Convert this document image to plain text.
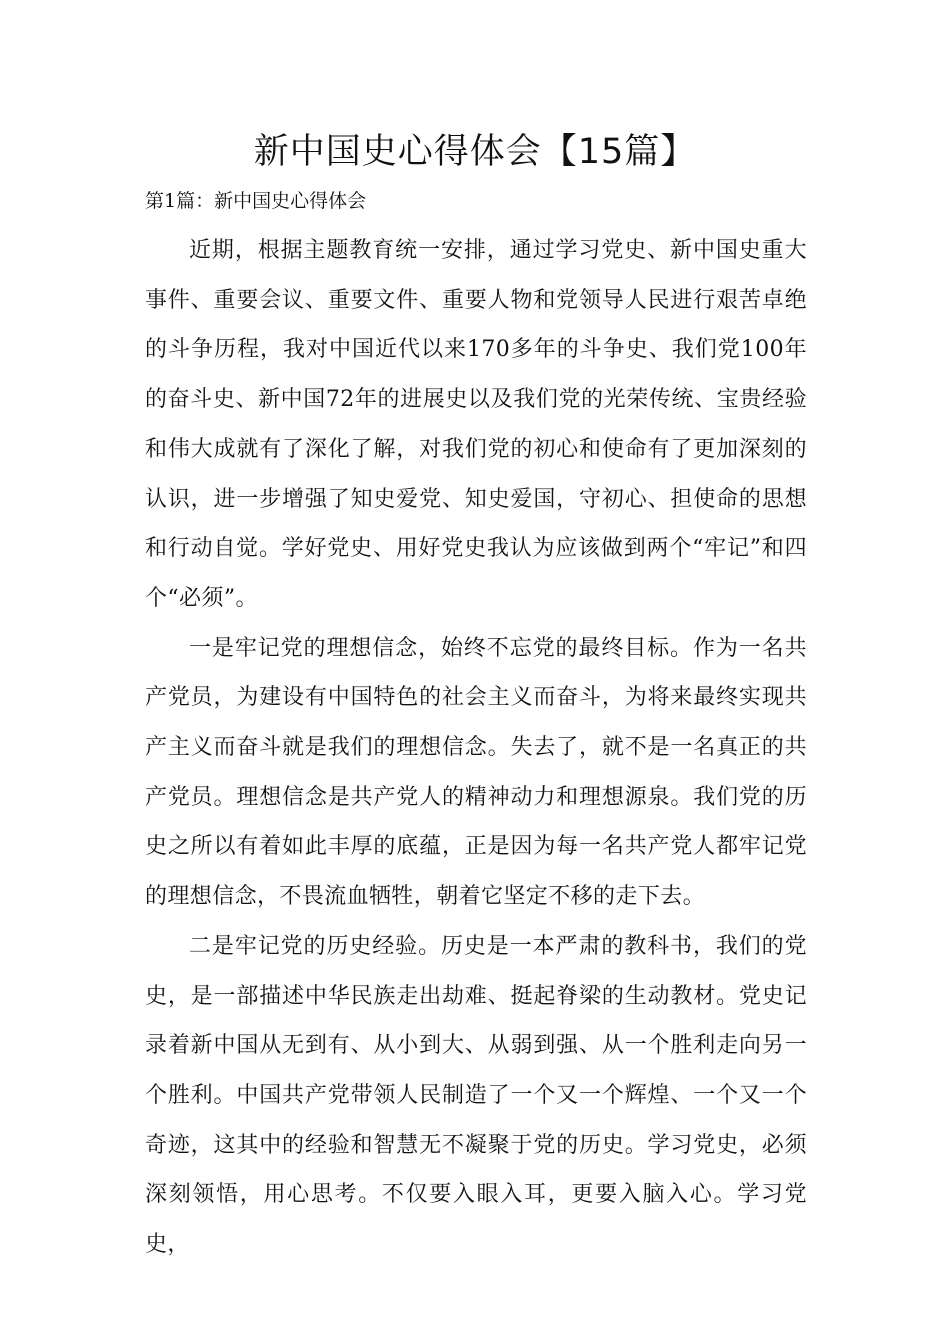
新中国史心得体会【15篇】

第1篇：新中国史心得体会

近期，根据主题教育统一安排，通过学习党史、新中国史重大事件、重要会议、重要文件、重要人物和党领导人民进行艰苦卓绝的斗争历程，我对中国近代以来170多年的斗争史、我们党100年的奋斗史、新中国72年的进展史以及我们党的光荣传统、宝贵经验和伟大成就有了深化了解，对我们党的初心和使命有了更加深刻的认识，进一步增强了知史爱党、知史爱国，守初心、担使命的思想和行动自觉。学好党史、用好党史我认为应该做到两个“牢记”和四个“必须”。

一是牢记党的理想信念，始终不忘党的最终目标。作为一名共产党员，为建设有中国特色的社会主义而奋斗，为将来最终实现共产主义而奋斗就是我们的理想信念。失去了，就不是一名真正的共产党员。理想信念是共产党人的精神动力和理想源泉。我们党的历史之所以有着如此丰厚的底蕴，正是因为每一名共产党人都牢记党的理想信念，不畏流血牺牲，朝着它坚定不移的走下去。

二是牢记党的历史经验。历史是一本严肃的教科书，我们的党史，是一部描述中华民族走出劫难、挺起脊梁的生动教材。党史记录着新中国从无到有、从小到大、从弱到强、从一个胜利走向另一个胜利。中国共产党带领人民制造了一个又一个辉煌、一个又一个奇迹，这其中的经验和智慧无不凝聚于党的历史。学习党史，必须深刻领悟，用心思考。不仅要入眼入耳，更要入脑入心。学习党史，
